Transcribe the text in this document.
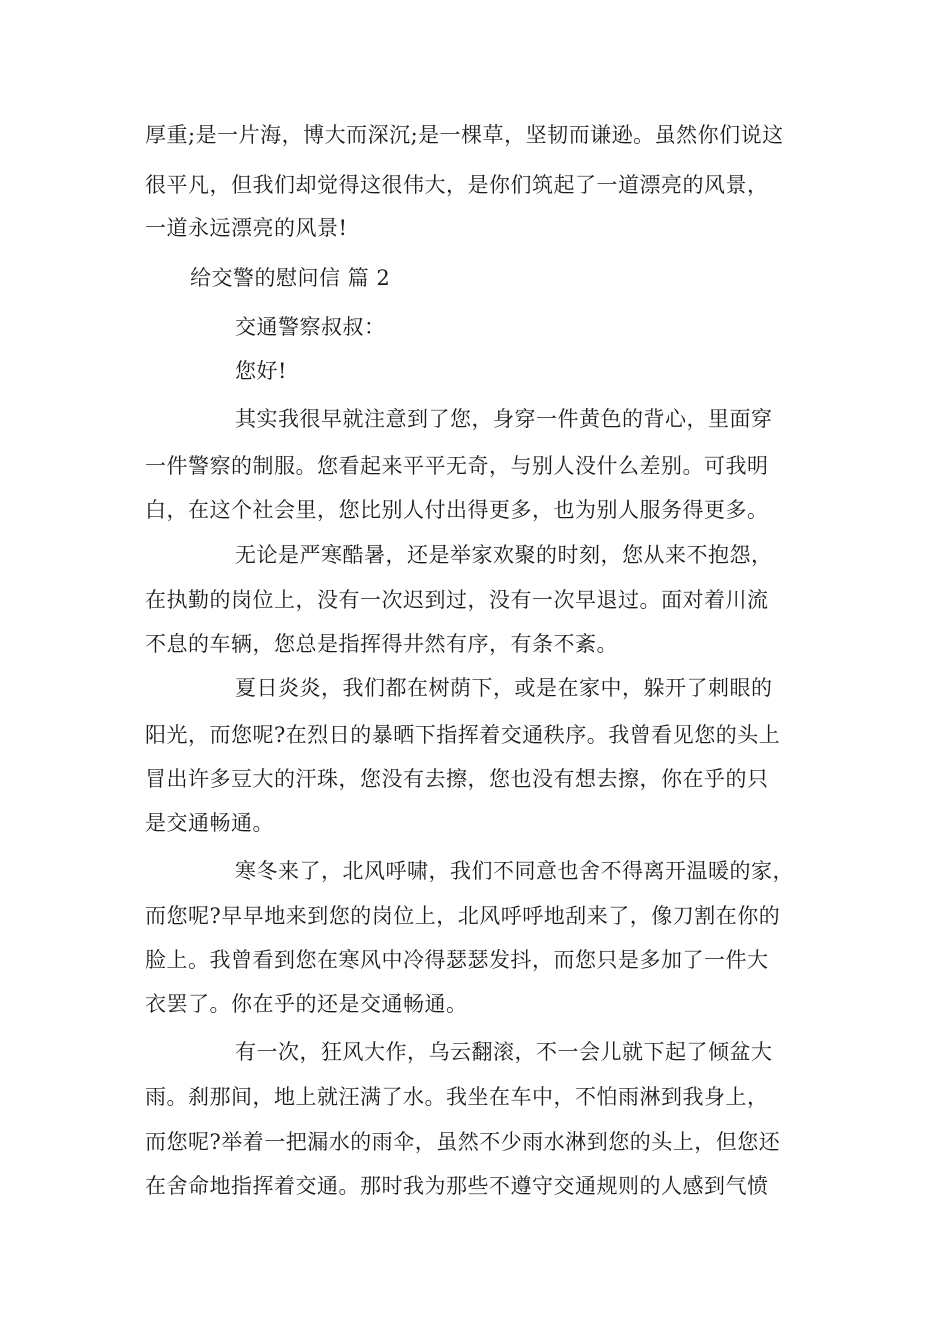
厚重;是一片海，博大而深沉;是一棵草，坚韧而谦逊。虽然你们说这
很平凡，但我们却觉得这很伟大，是你们筑起了一道漂亮的风景，
一道永远漂亮的风景!
给交警的慰问信 篇 2
交通警察叔叔：
您好!
其实我很早就注意到了您，身穿一件黄色的背心，里面穿
一件警察的制服。您看起来平平无奇，与别人没什么差别。可我明
白，在这个社会里，您比别人付出得更多，也为别人服务得更多。
无论是严寒酷暑，还是举家欢聚的时刻，您从来不抱怨，
在执勤的岗位上，没有一次迟到过，没有一次早退过。面对着川流
不息的车辆，您总是指挥得井然有序，有条不紊。
夏日炎炎，我们都在树荫下，或是在家中，躲开了刺眼的
阳光，而您呢?在烈日的暴晒下指挥着交通秩序。我曾看见您的头上
冒出许多豆大的汗珠，您没有去擦，您也没有想去擦，你在乎的只
是交通畅通。
寒冬来了，北风呼啸，我们不同意也舍不得离开温暖的家，
而您呢?早早地来到您的岗位上，北风呼呼地刮来了，像刀割在你的
脸上。我曾看到您在寒风中冷得瑟瑟发抖，而您只是多加了一件大
衣罢了。你在乎的还是交通畅通。
有一次，狂风大作，乌云翻滚，不一会儿就下起了倾盆大
雨。刹那间，地上就汪满了水。我坐在车中，不怕雨淋到我身上，
而您呢?举着一把漏水的雨伞，虽然不少雨水淋到您的头上，但您还
在舍命地指挥着交通。那时我为那些不遵守交通规则的人感到气愤
